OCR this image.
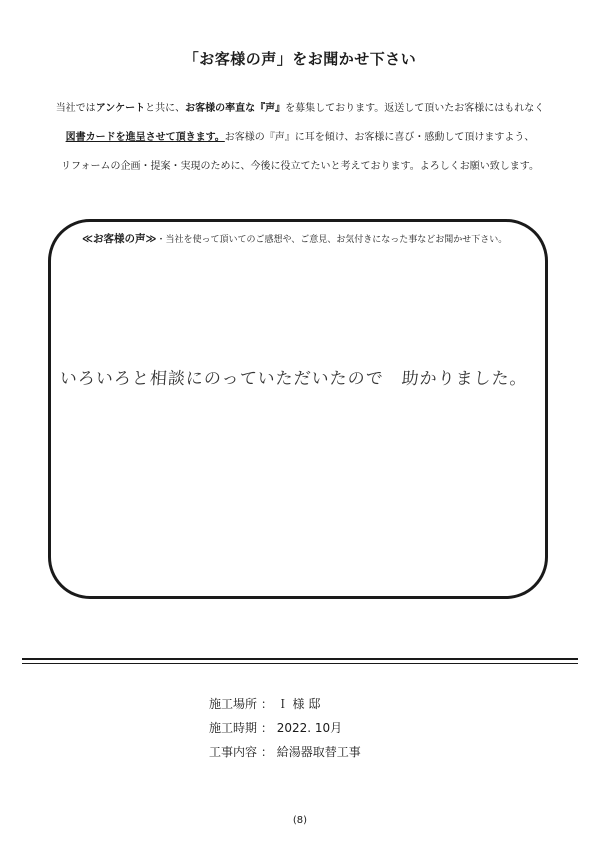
「お客様の声」をお聞かせ下さい
当社ではアンケートと共に、お客様の率直な『声』を募集しております。返送して頂いたお客様にはもれなく
図書カードを進呈させて頂きます。お客様の『声』に耳を傾け、お客様に喜び・感動して頂けますよう、
リフォームの企画・提案・実現のために、今後に役立てたいと考えております。よろしくお願い致します。
≪お客様の声≫・当社を使って頂いてのご感想や、ご意見、お気付きになった事などお聞かせ下さい。
いろいろと相談にのっていただいたので　助かりました。
施工場所 ： Ｉ 様 邸
施工時期 ： 2022. 10月
工事内容 ： 給湯器取替工事
(8)
